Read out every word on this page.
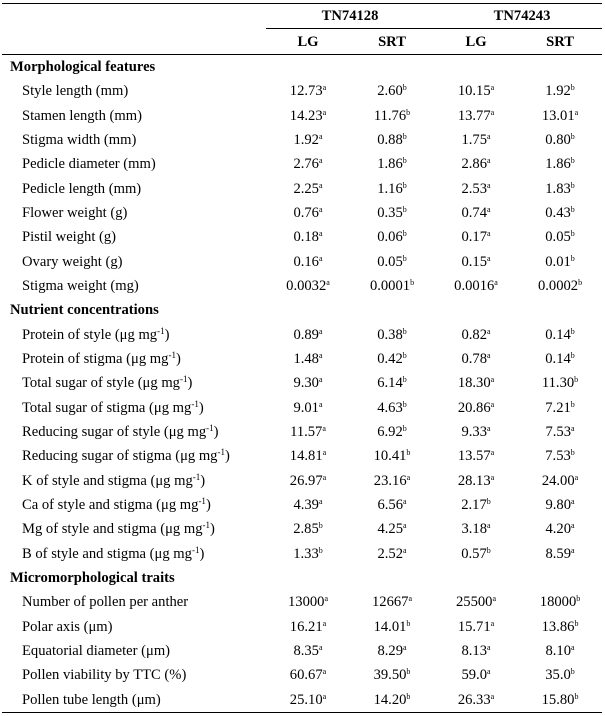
	TN74128		TN74243	
	LG	SRT	LG	SRT
Morphological features				
Style length (mm)	12.73$^a$	2.60$^b$	10.15$^a$	1.92$^b$
Stamen length (mm)	14.23$^a$	11.76$^b$	13.77$^a$	13.01$^a$
Stigma width (mm)	1.92$^a$	0.88$^b$	1.75$^a$	0.80$^b$
Pedicle diameter (mm)	2.76$^a$	1.86$^b$	2.86$^a$	1.86$^b$
Pedicle length (mm)	2.25$^a$	1.16$^b$	2.53$^a$	1.83$^b$
Flower weight (g)	0.76$^a$	0.35$^b$	0.74$^a$	0.43$^b$
Pistil weight (g)	0.18$^a$	0.06$^b$	0.17$^a$	0.05$^b$
Ovary weight (g)	0.16$^a$	0.05$^b$	0.15$^a$	0.01$^b$
Stigma weight (mg)	0.0032$^a$	0.0001$^b$	0.0016$^a$	0.0002$^b$
Nutrient concentrations				
Protein of style (μg $mg^{-1}$)	0.89$^a$	0.38$^b$	0.82$^a$	0.14$^b$
Protein of stigma (μg $mg^{-1}$)	1.48$^a$	0.42$^b$	0.78$^a$	0.14$^b$
Total sugar of style (μg $mg^{-1}$)	9.30$^a$	6.14$^b$	18.30$^a$	11.30$^b$
Total sugar of stigma (μg $mg^{-1}$)	9.01$^a$	4.63$^b$	20.86$^a$	7.21$^b$
Reducing sugar of style (μg $mg^{-1}$)	11.57$^a$	6.92$^b$	9.33$^a$	7.53$^a$
Reducing sugar of stigma (μg $mg^{-1}$)	14.81$^a$	10.41$^b$	13.57$^a$	7.53$^b$
K of style and stigma (μg $mg^{-1}$)	26.97$^a$	23.16$^a$	28.13$^a$	24.00$^a$
Ca of style and stigma (μg $mg^{-1}$)	4.39$^a$	6.56$^a$	2.17$^b$	9.80$^a$
Mg of style and stigma (μg $mg^{-1}$)	2.85$^b$	4.25$^a$	3.18$^a$	4.20$^a$
B of style and stigma (μg $mg^{-1}$)	1.33$^b$	2.52$^a$	0.57$^b$	8.59$^a$
Micromorphological traits				
Number of pollen per anther	13000$^a$	12667$^a$	25500$^a$	18000$^b$
Polar axis (μm)	16.21$^a$	14.01$^b$	15.71$^a$	13.86$^b$
Equatorial diameter (μm)	8.35$^a$	8.29$^a$	8.13$^a$	8.10$^a$
Pollen viability by TTC (%)	60.67$^a$	39.50$^b$	59.0$^a$	35.0$^b$
Pollen tube length (μm)	25.10$^a$	14.20$^b$	26.33$^a$	15.80$^b$
